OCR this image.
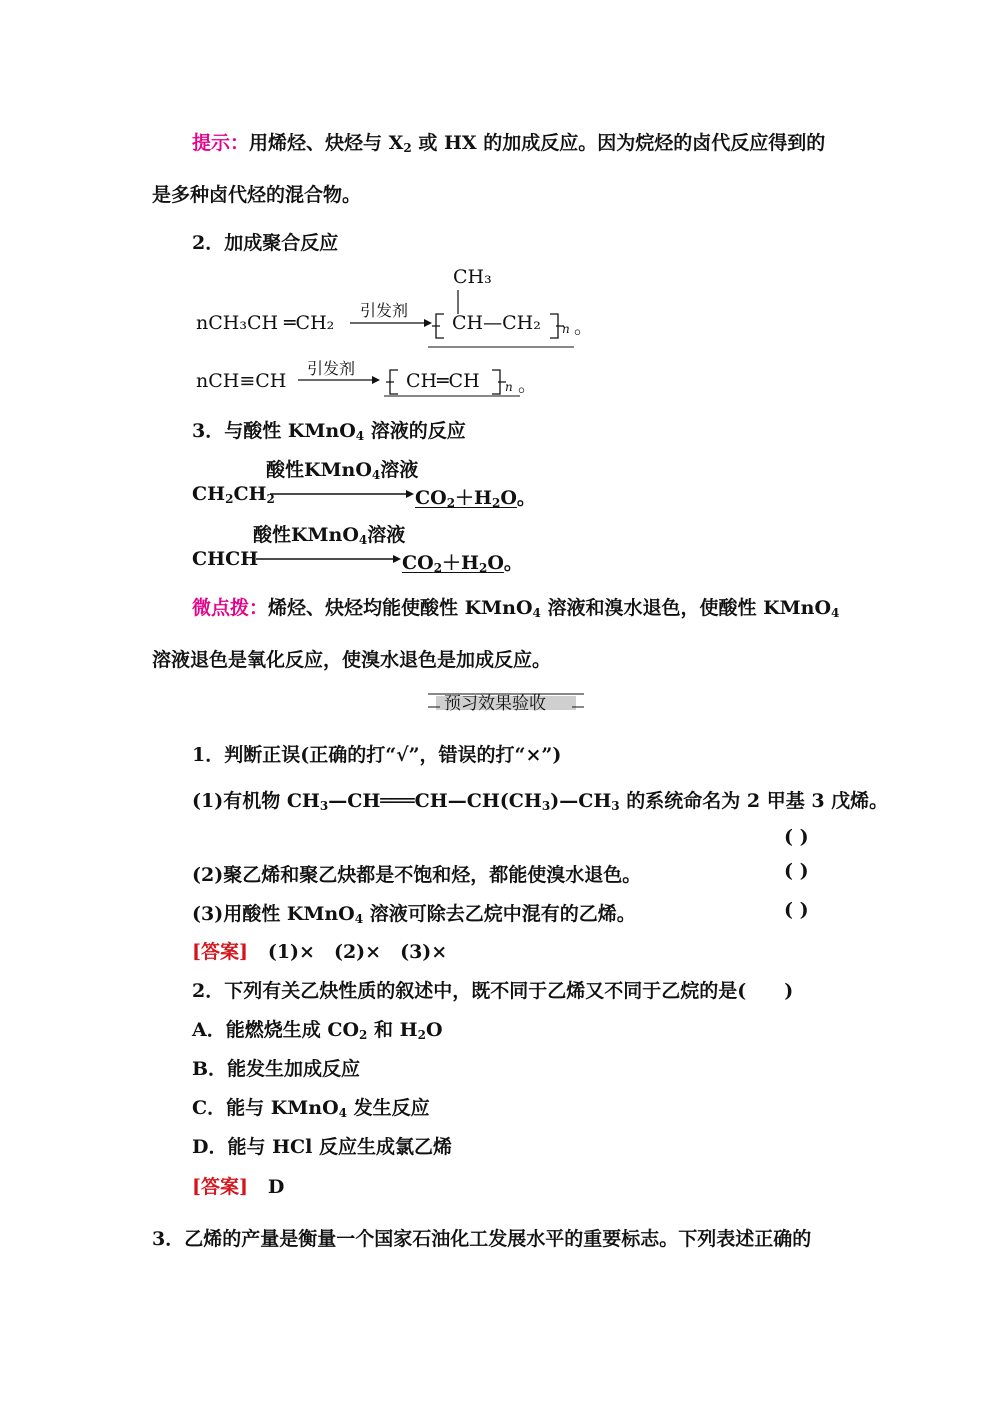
提示：用烯烃、炔烃与 $X_2$ 或 HX 的加成反应。因为烷烃的卤代反应得到的
是多种卤代烃的混合物。
2．加成聚合反应
nCH₃CH ═CH₂
引发剂
CH₃
CH—CH₂ n 。
nCH≡CH
引发剂
CH═CH n 。
3．与酸性 KMnO$_4$ 溶液的反应
酸性KMnO$_4$溶液
$CH_2CH_2$	$CO_2+H_2O$。
酸性KMnO$_4$溶液
CHCH	$CO_2+H_2O$。
微点拨：烯烃、炔烃均能使酸性 KMnO$_4$ 溶液和溴水退色，使酸性 KMnO$_4$
溶液退色是氧化反应，使溴水退色是加成反应。
预习效果验收
1．判断正误(正确的打“√”，错误的打“×”)
(1)有机物 $CH_3—CH═══CH—CH(CH_3)—CH_3$ 的系统命名为 2 甲基 3 戊烯。
( )
(2)聚乙烯和聚乙炔都是不饱和烃，都能使溴水退色。	( )
(3)用酸性 KMnO$_4$ 溶液可除去乙烷中混有的乙烯。	( )
[答案] (1)×　(2)×　(3)×
2．下列有关乙炔性质的叙述中，既不同于乙烯又不同于乙烷的是(　　)
A．能燃烧生成 $CO_2$ 和 $H_2O$
B．能发生加成反应
C．能与 KMnO$_4$ 发生反应
D．能与 HCl 反应生成氯乙烯
[答案] D
3．乙烯的产量是衡量一个国家石油化工发展水平的重要标志。下列表述正确的
